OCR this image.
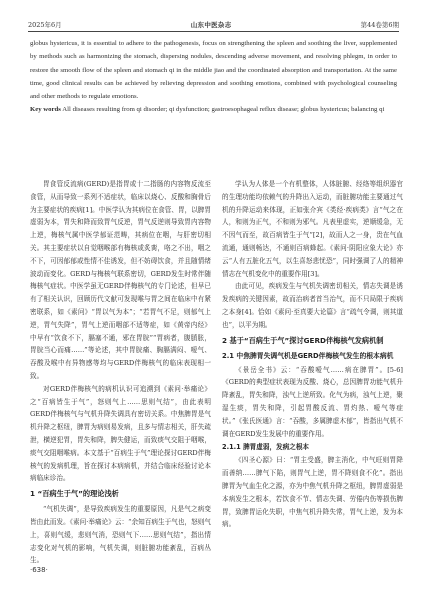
2025年6月	山东中医杂志	第44卷第6期
globus hystericus, it is essential to adhere to the pathogenesis, focus on strengthening the spleen and soothing the liver, supplemented by methods such as harmonizing the stomach, dispersing nodules, descending adverse movement, and resolving phlegm, in order to restore the smooth flow of the spleen and stomach qi in the middle jiao and the coordinated absorption and transportation. At the same time, good clinical results can be achieved by relieving depression and soothing emotions, combined with psychological counseling and other methods to regulate emotions.
Key words All diseases resulting from qi disorder; qi dysfunction; gastroesophageal reflux disease; globus hystericus; balancing qi

胃食管反流病(GERD)是指胃或十二指肠的内容物反流至食管，从而导致一系列不适症状，临床以烧心、反酸和胸骨后为主要症状的疾病[1]。中医学认为其病位在食管、胃，以脾胃虚弱为本，胃失和降而致胃气反逆，胃气反逆则导致胃内容物上逆，梅核气属中医学郁证范畴，其病位在咽，与肝密切相关。其主要症状以自觉咽喉部有梅核或炙脔，咯之不出，咽之不下，可因郁郁或性情不佳诱发，但不妨碍饮食，并且随情绪波动而变化。GERD与梅核气联系密切，GERD发生时常伴随梅核气症状。中医学虽无GERD伴梅核气的专门论述，但早已有了相关认识，回顾历代文献可发现喉与胃之间在临床中有紧密联系，如《素问》“胃以气为本”；“若胃气不足，则郁气上逆，胃气失降”，胃气上逆而咽部不适等症，如《黄帝内经》中早有“饮食不下，膈塞不通，邪在胃脘”“胃病者，腹䐜胀，胃脘当心而痛……”等论述，其中胃脘痛、胸膈满闷、嗳气、吞酸及喉中有异物感等均与GERD伴梅核气的临床表现相一致。

对GERD伴梅核气的病机认识可追溯到《素问·举痛论》之“百病皆生于气”，怒则气上……思则气结”，由此表明GERD伴梅核气与气机升降失调具有密切关系。中焦脾胃是气机升降之枢纽，脾胃为病则易发病，且多与情志相关，肝失疏泄，横逆犯胃，胃失和降，脾失健运，而致痰气交阻于咽喉，痰气交阻咽喉病。本文基于“百病生于气”理论探讨GERD伴梅核气的发病机理，旨在探讨本病病机，并结合临床经验讨论本病临床诊治。

1 “百病生于气”的理论浅析

“气机失调”，是导致疾病发生的重要原因，凡是气之病变皆由此而发。《素问·举痛论》云：“余知百病生于气也，怒则气上，喜则气缓，悲则气消，恐则气下……思则气结”，指出情志变化对气机的影响，气机失调，则脏腑功能紊乱，百病丛生。

学认为人体是一个有机整体，人体脏腑、经络等组织器官的生理功能均依赖气的升降出入运动，而脏腑功能主要通过气机的升降运动来体现，正如张介宾《类经·疾病类》言“气之在人，和则为正气，不和则为邪气。凡表里虚实，逆顺缓急，无不因气而至，故百病皆生于气”[2]，故而人之一身，贵在气血流通，通则畅达，不通则百病蜂起。《素问·阴阳应象大论》亦云“人有五脏化五气，以生喜怒悲忧恐”，同时强调了人的精神情志在气机变化中的重要作用[3]。

由此可见，疾病发生与气机失调密切相关，情志失调是诱发疾病的关键因素，故而治病者首当治气，而不只局限于疾病之本身[4]。恰如《素问·至真要大论篇》言“疏气令调，则其道也”，以平为期。

2 基于“百病生于气”探讨GERD伴梅核气发病机制
2.1 中焦脾胃失调气机是GERD伴梅核气发生的根本病机

《景岳全书》云：“吞酸嗳气……病在脾胃”。[5-6]《GERD的典型症状表现为反酸、烧心，总因脾胃功能气机升降紊乱，胃失和降，浊气上逆所致。化气为病，浊气上逆，聚湿生痰，胃失和降，引起胃酸反流、胃灼热、嗳气等症状。”《张氏医通》言：“吞酸，多属脾虚木郁”，皆指出气机不调在GERD发生发展中的重要作用。

2.1.1 脾胃虚弱，发病之根本

《四圣心源》曰：“胃主受盛，脾主消化，中气旺则胃降而善纳……脾气下陷，则胃气上逆，胃不降则食不化”。指出脾胃为气血生化之源，亦为中焦气机升降之枢纽，脾胃虚弱是本病发生之根本，若饮食不节、情志失调、劳倦内伤等损伤脾胃，致脾胃运化失职，中焦气机升降失常，胃气上逆，发为本病。

·638·
